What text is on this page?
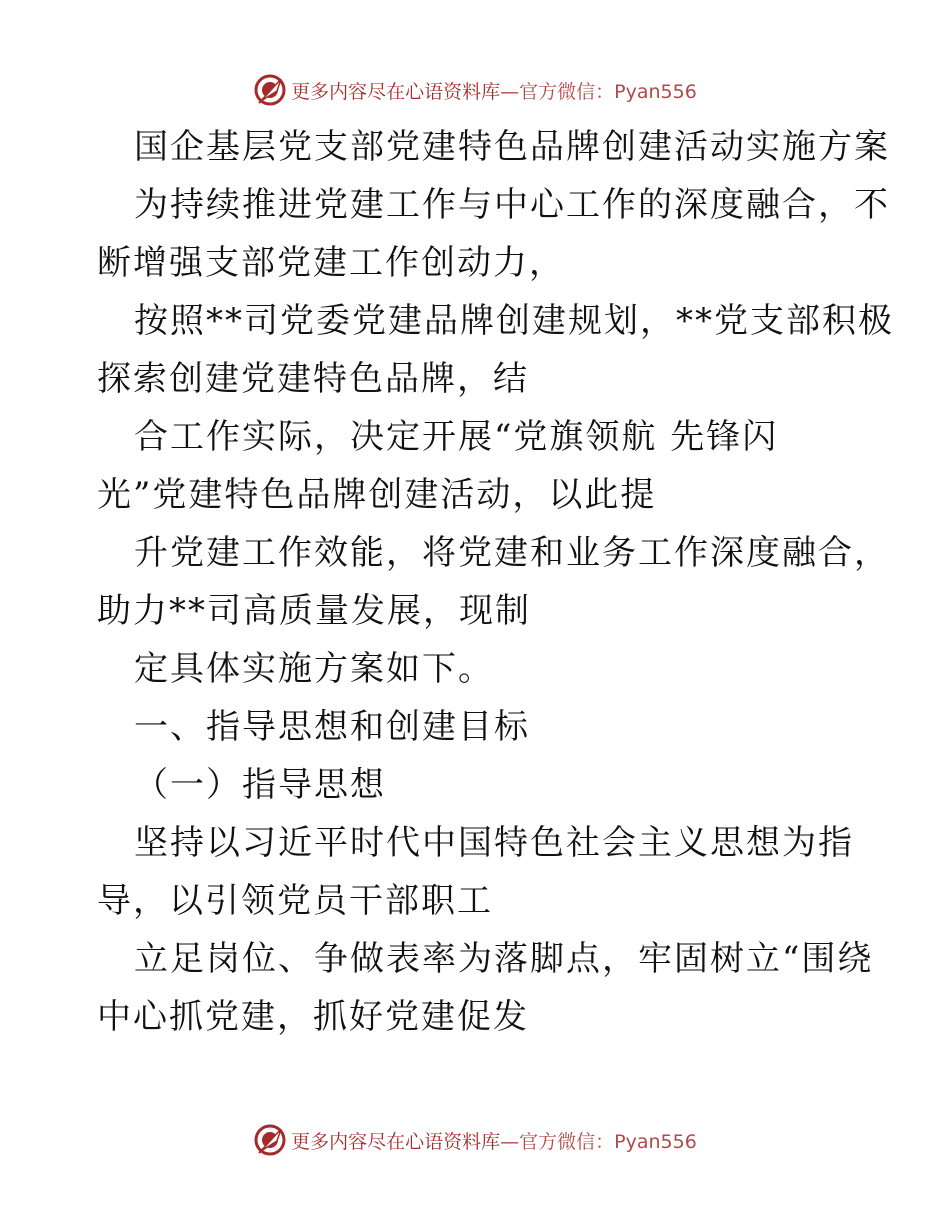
更多内容尽在心语资料库 —官方微信：Pyan556
国企基层党支部党建特色品牌创建活动实施方案
为持续推进党建工作与中心工作的深度融合，不
断增强支部党建工作创动力，
按照**司党委党建品牌创建规划，**党支部积极
探索创建党建特色品牌，结
合工作实际，决定开展“党旗领航 先锋闪
光”党建特色品牌创建活动，以此提
升党建工作效能，将党建和业务工作深度融合，
助力**司高质量发展，现制
定具体实施方案如下。
一、指导思想和创建目标
（一）指导思想
坚持以习近平时代中国特色社会主义思想为指
导，以引领党员干部职工
立足岗位、争做表率为落脚点，牢固树立“围绕
中心抓党建，抓好党建促发
更多内容尽在心语资料库 —官方微信：Pyan556
